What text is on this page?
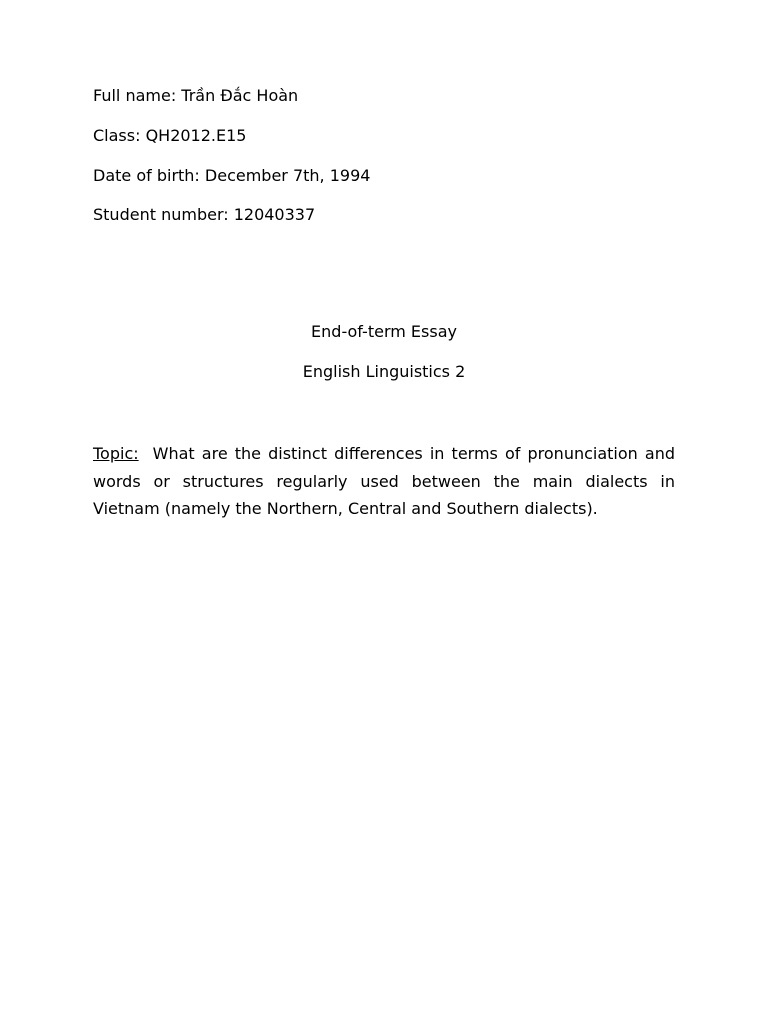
Full name: Trần Đắc Hoàn
Class: QH2012.E15
Date of birth: December 7th, 1994
Student number: 12040337
End-of-term Essay
English Linguistics 2
Topic: What are the distinct differences in terms of pronunciation and words or structures regularly used between the main dialects in Vietnam (namely the Northern, Central and Southern dialects).
